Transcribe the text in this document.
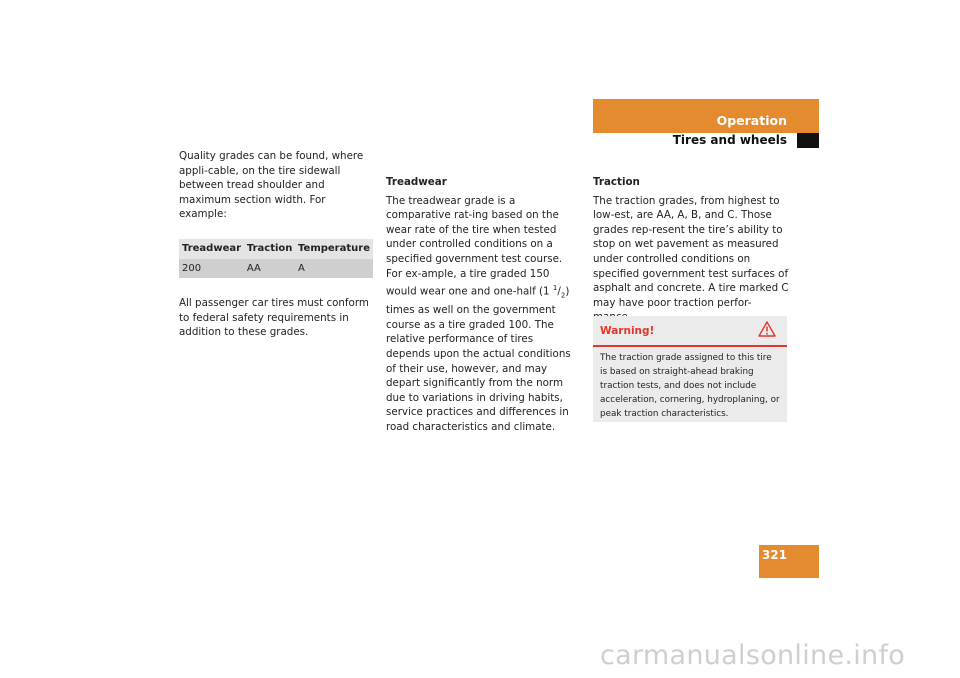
Operation
Tires and wheels

Quality grades can be found, where appli-cable, on the tire sidewall between tread shoulder and maximum section width. For example:

All passenger car tires must conform to federal safety requirements in addition to these grades.

Treadwear	Traction	Temperature
200	AA	A

Treadwear

The treadwear grade is a comparative rat-ing based on the wear rate of the tire when tested under controlled conditions on a specified government test course. For ex-ample, a tire graded 150 would wear one and one-half (1 $^1/_2$) times as well on the government course as a tire graded 100. The relative performance of tires depends upon the actual conditions of their use, however, and may depart significantly from the norm due to variations in driving habits, service practices and differences in road characteristics and climate.

Traction

The traction grades, from highest to low-est, are AA, A, B, and C. Those grades rep-resent the tire’s ability to stop on wet pavement as measured under controlled conditions on specified government test surfaces of asphalt and concrete. A tire marked C may have poor traction perfor-

Warning!
The traction grade assigned to this tire is based on straight-ahead braking traction tests, and does not include acceleration, cornering, hydroplaning, or peak traction characteristics.
321
carmanualsonline.info
